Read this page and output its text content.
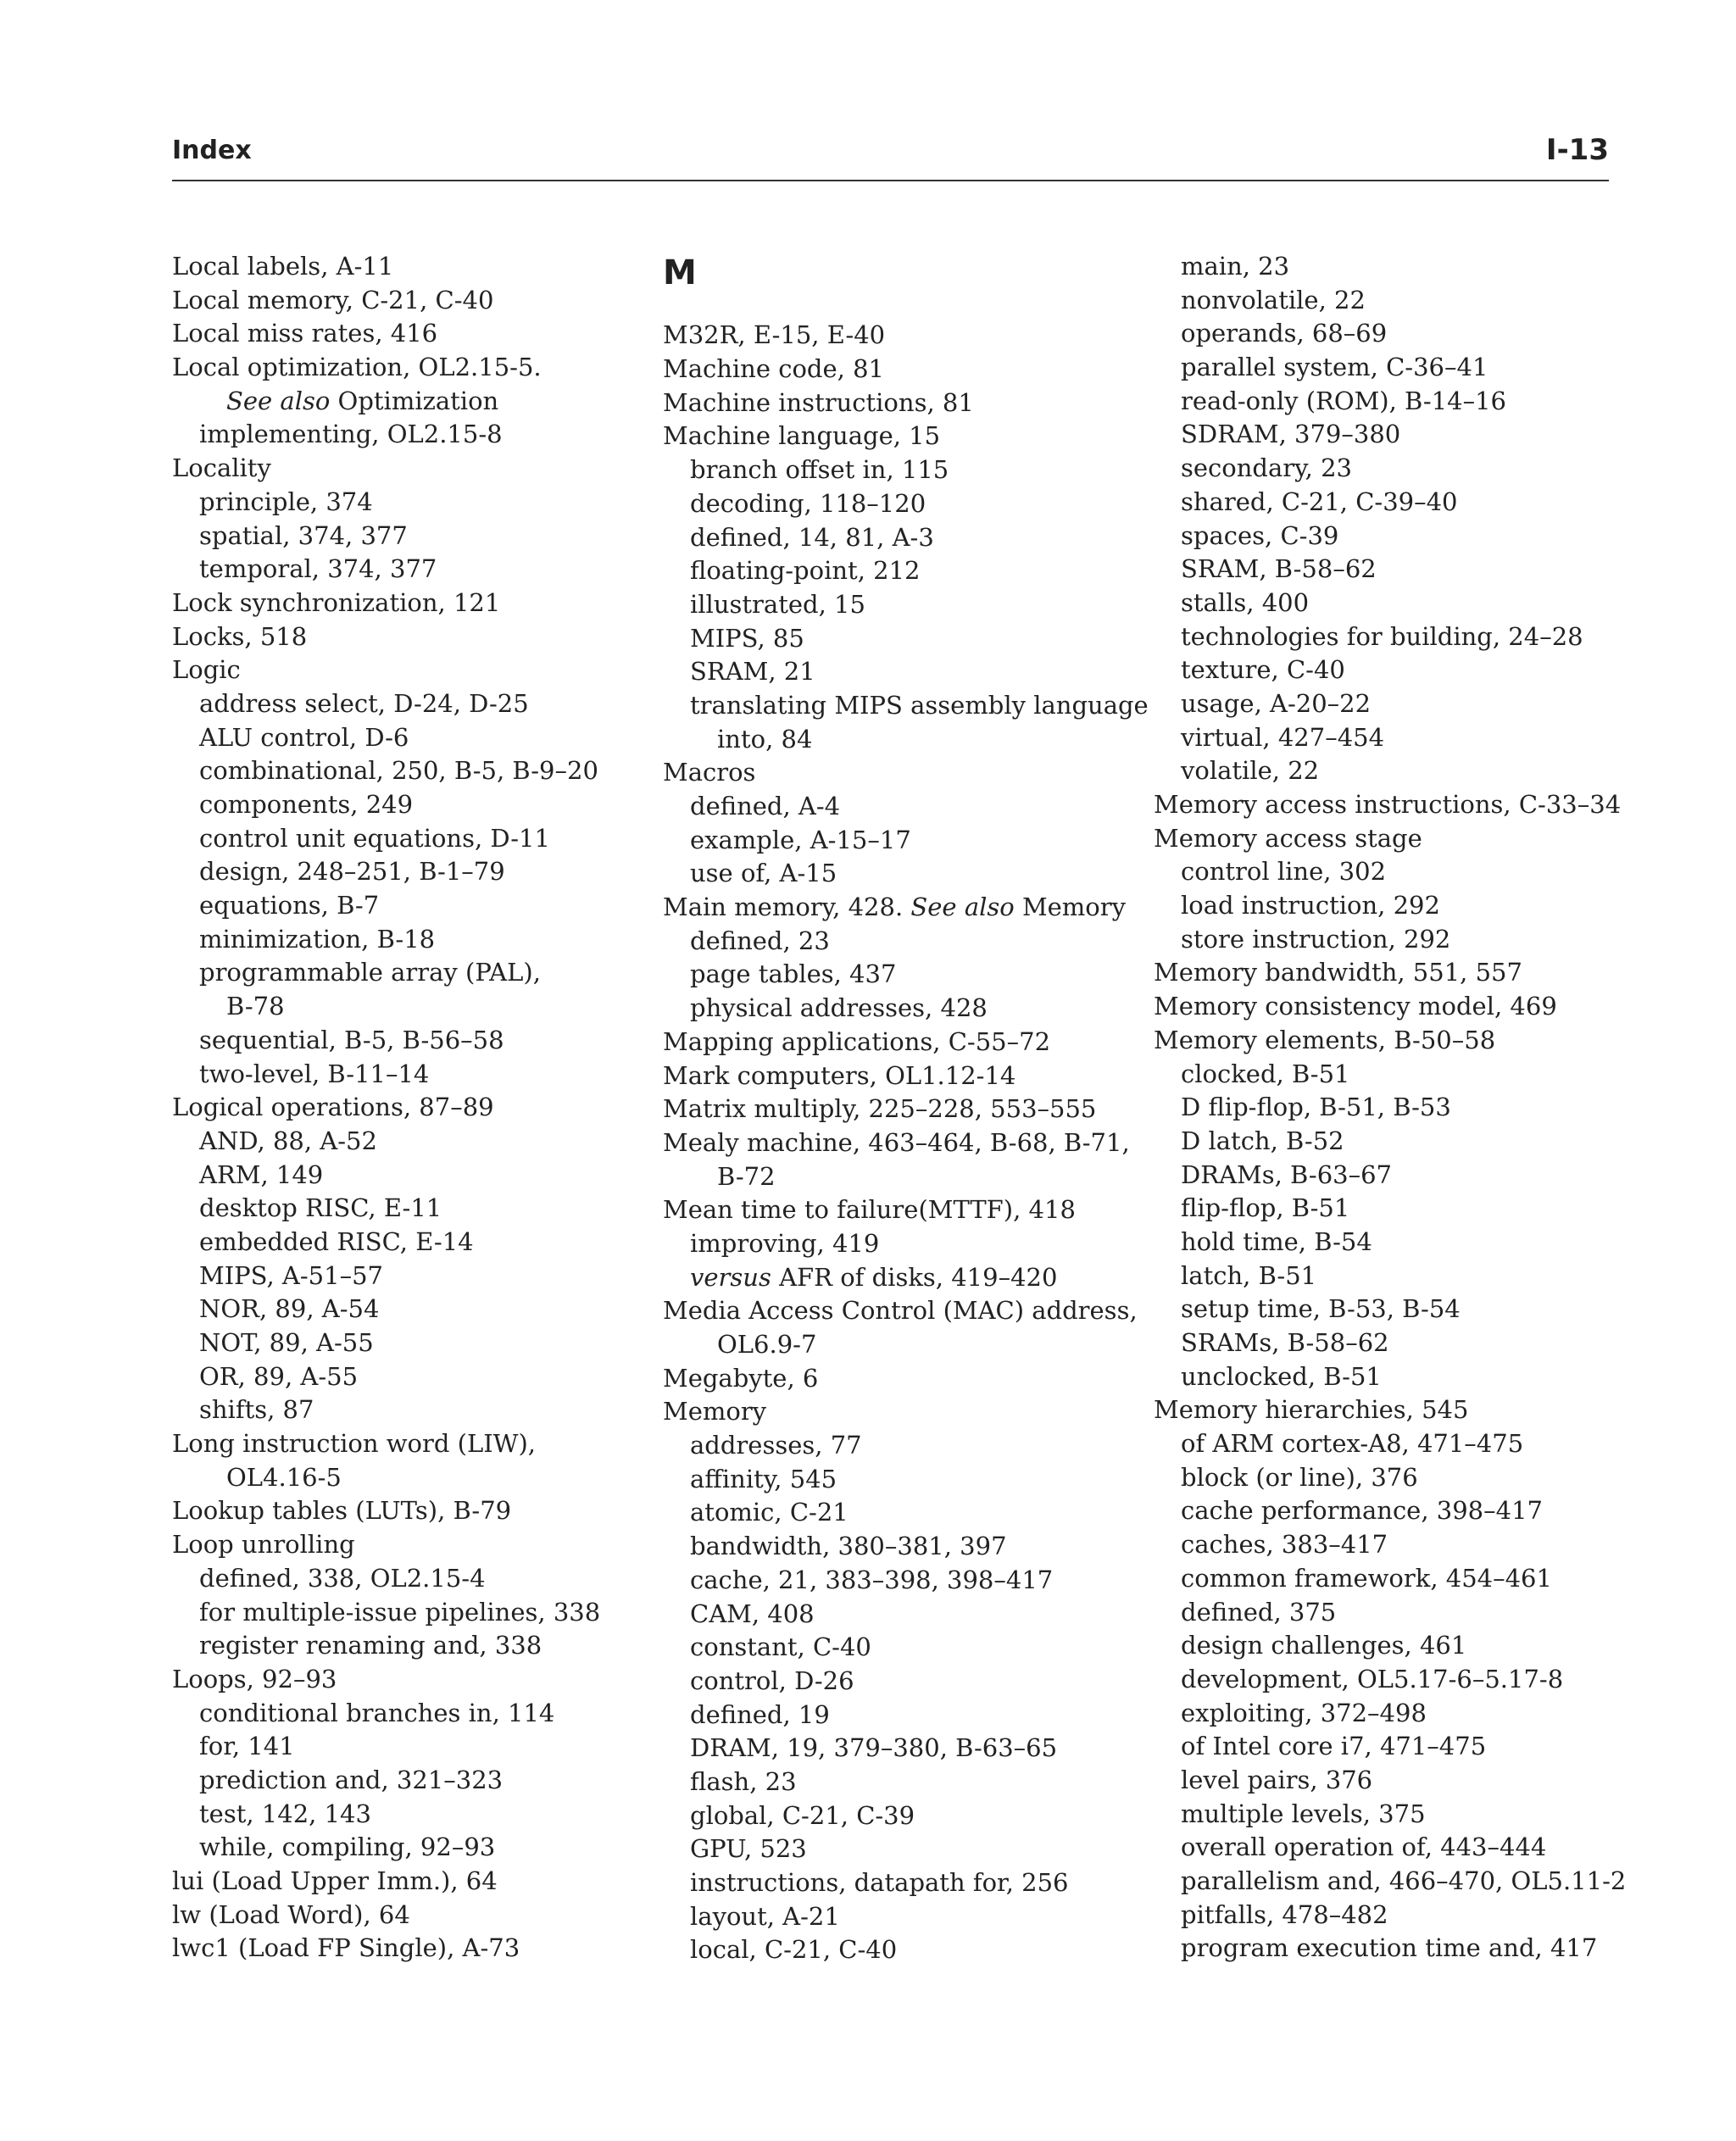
Index	I-13
Local labels, A-11
Local memory, C-21, C-40
Local miss rates, 416
Local optimization, OL2.15-5.
See also Optimization
implementing, OL2.15-8
Locality
principle, 374
spatial, 374, 377
temporal, 374, 377
Lock synchronization, 121
Locks, 518
Logic
address select, D-24, D-25
ALU control, D-6
combinational, 250, B-5, B-9–20
components, 249
control unit equations, D-11
design, 248–251, B-1–79
equations, B-7
minimization, B-18
programmable array (PAL),
B-78
sequential, B-5, B-56–58
two-level, B-11–14
Logical operations, 87–89
AND, 88, A-52
ARM, 149
desktop RISC, E-11
embedded RISC, E-14
MIPS, A-51–57
NOR, 89, A-54
NOT, 89, A-55
OR, 89, A-55
shifts, 87
Long instruction word (LIW),
OL4.16-5
Lookup tables (LUTs), B-79
Loop unrolling
defined, 338, OL2.15-4
for multiple-issue pipelines, 338
register renaming and, 338
Loops, 92–93
conditional branches in, 114
for, 141
prediction and, 321–323
test, 142, 143
while, compiling, 92–93
lui (Load Upper Imm.), 64
lw (Load Word), 64
lwc1 (Load FP Single), A-73
M
M32R, E-15, E-40
Machine code, 81
Machine instructions, 81
Machine language, 15
branch offset in, 115
decoding, 118–120
defined, 14, 81, A-3
floating-point, 212
illustrated, 15
MIPS, 85
SRAM, 21
translating MIPS assembly language
into, 84
Macros
defined, A-4
example, A-15–17
use of, A-15
Main memory, 428. See also Memory
defined, 23
page tables, 437
physical addresses, 428
Mapping applications, C-55–72
Mark computers, OL1.12-14
Matrix multiply, 225–228, 553–555
Mealy machine, 463–464, B-68, B-71,
B-72
Mean time to failure(MTTF), 418
improving, 419
versus AFR of disks, 419–420
Media Access Control (MAC) address,
OL6.9-7
Megabyte, 6
Memory
addresses, 77
affinity, 545
atomic, C-21
bandwidth, 380–381, 397
cache, 21, 383–398, 398–417
CAM, 408
constant, C-40
control, D-26
defined, 19
DRAM, 19, 379–380, B-63–65
flash, 23
global, C-21, C-39
GPU, 523
instructions, datapath for, 256
layout, A-21
local, C-21, C-40
main, 23
nonvolatile, 22
operands, 68–69
parallel system, C-36–41
read-only (ROM), B-14–16
SDRAM, 379–380
secondary, 23
shared, C-21, C-39–40
spaces, C-39
SRAM, B-58–62
stalls, 400
technologies for building, 24–28
texture, C-40
usage, A-20–22
virtual, 427–454
volatile, 22
Memory access instructions, C-33–34
Memory access stage
control line, 302
load instruction, 292
store instruction, 292
Memory bandwidth, 551, 557
Memory consistency model, 469
Memory elements, B-50–58
clocked, B-51
D flip-flop, B-51, B-53
D latch, B-52
DRAMs, B-63–67
flip-flop, B-51
hold time, B-54
latch, B-51
setup time, B-53, B-54
SRAMs, B-58–62
unclocked, B-51
Memory hierarchies, 545
of ARM cortex-A8, 471–475
block (or line), 376
cache performance, 398–417
caches, 383–417
common framework, 454–461
defined, 375
design challenges, 461
development, OL5.17-6–5.17-8
exploiting, 372–498
of Intel core i7, 471–475
level pairs, 376
multiple levels, 375
overall operation of, 443–444
parallelism and, 466–470, OL5.11-2
pitfalls, 478–482
program execution time and, 417
